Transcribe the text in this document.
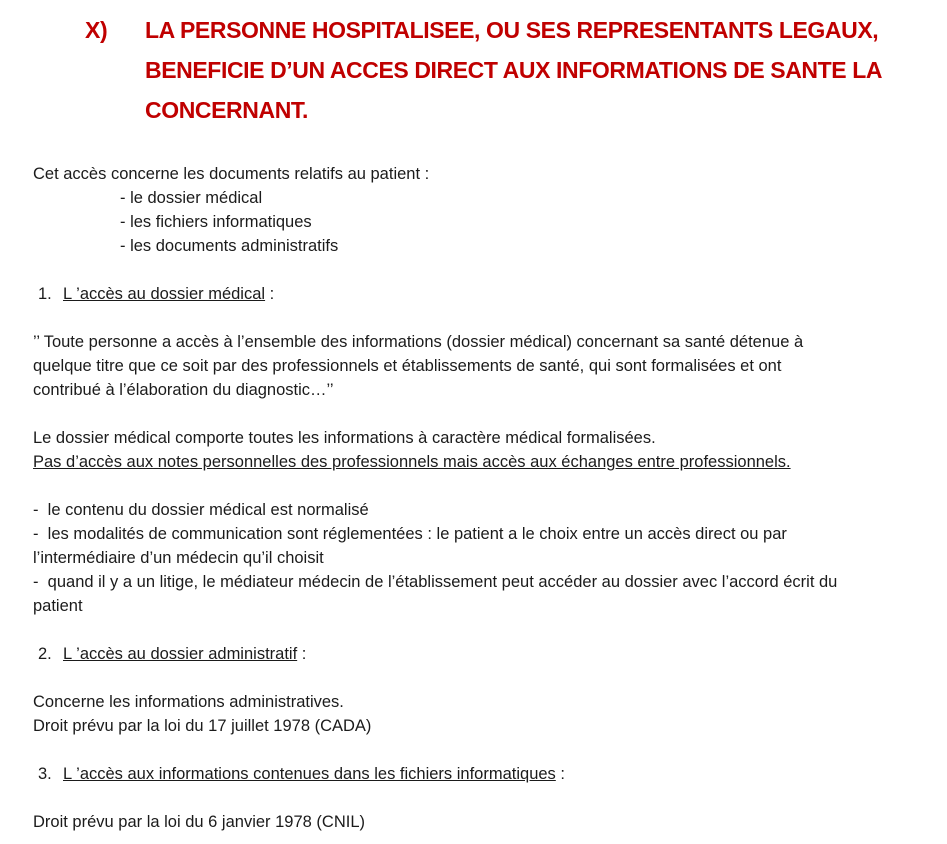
X) LA PERSONNE HOSPITALISEE, OU SES REPRESENTANTS LEGAUX,
BENEFICIE D’UN ACCES DIRECT AUX INFORMATIONS DE SANTE LA
CONCERNANT.
Cet accès concerne les documents relatifs au patient :
- le dossier médical
- les fichiers informatiques
- les documents administratifs
1. L ’accès au dossier médical :
’’ Toute personne a accès à l’ensemble des informations (dossier médical) concernant sa santé détenue à
quelque titre que ce soit par des professionnels et établissements de santé, qui sont formalisées et ont
contribué à l’élaboration du diagnostic…’’
Le dossier médical comporte toutes les informations à caractère médical formalisées.
Pas d’accès aux notes personnelles des professionnels mais accès aux échanges entre professionnels.
-  le contenu du dossier médical est normalisé
-  les modalités de communication sont réglementées : le patient a le choix entre un accès direct ou par
l’intermédiaire d’un médecin qu’il choisit
-  quand il y a un litige, le médiateur médecin de l’établissement peut accéder au dossier avec l’accord écrit du
patient
2. L ’accès au dossier administratif :
Concerne les informations administratives.
Droit prévu par la loi du 17 juillet 1978 (CADA)
3. L ’accès aux informations contenues dans les fichiers informatiques :
Droit prévu par la loi du 6 janvier 1978 (CNIL)
